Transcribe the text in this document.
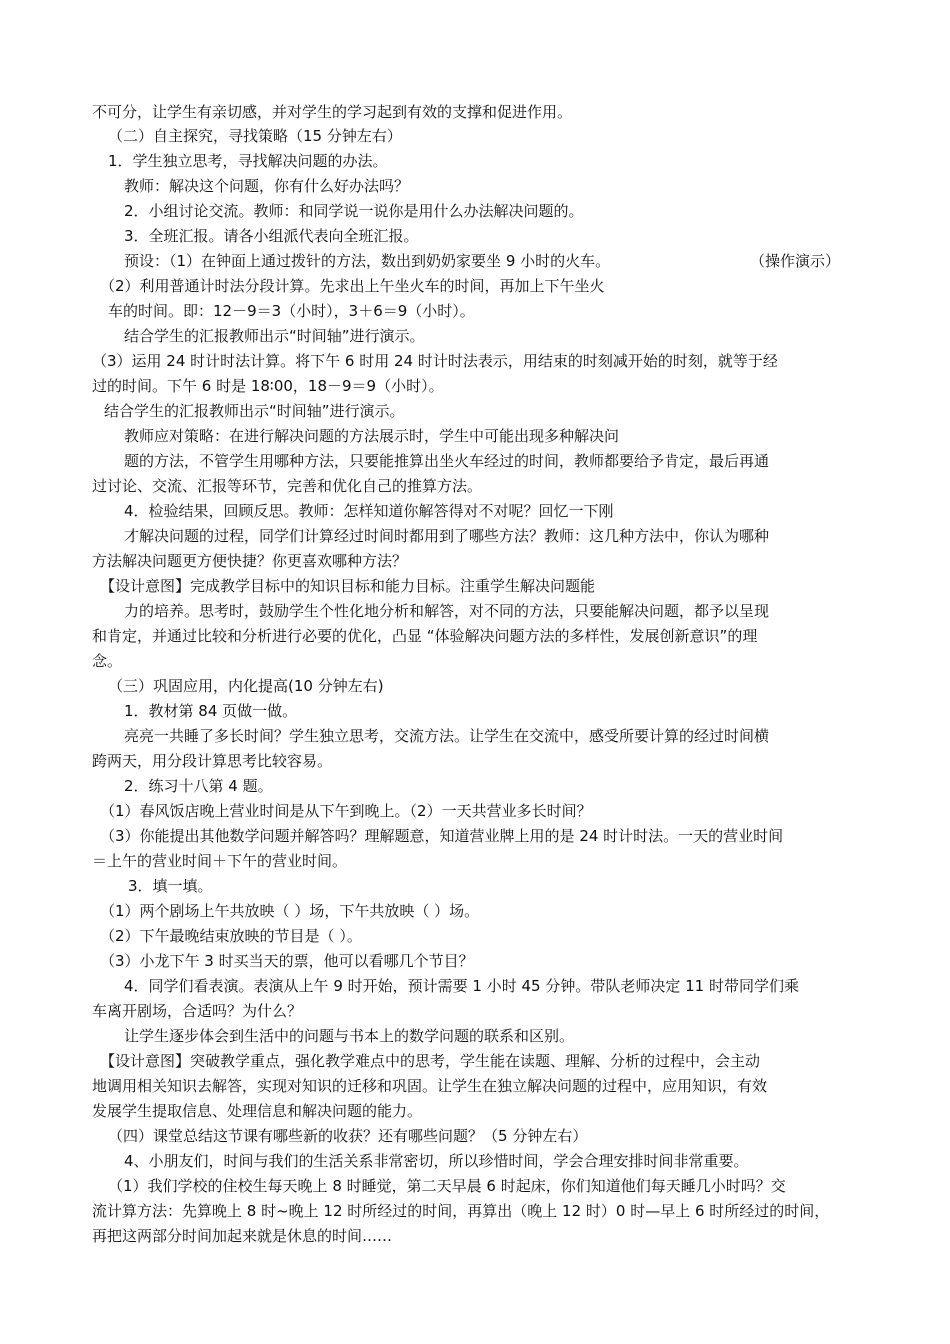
不可分，让学生有亲切感，并对学生的学习起到有效的支撑和促进作用。
（二）自主探究，寻找策略（15 分钟左右）
1．学生独立思考，寻找解决问题的办法。
教师：解决这个问题，你有什么好办法吗？
2．小组讨论交流。教师：和同学说一说你是用什么办法解决问题的。
3．全班汇报。请各小组派代表向全班汇报。
预设：（1）在钟面上通过拨针的方法，数出到奶奶家要坐 9 小时的火车。	（操作演示）
（2）利用普通计时法分段计算。先求出上午坐火车的时间，再加上下午坐火
车的时间。即：12－9＝3（小时），3＋6＝9（小时）。
结合学生的汇报教师出示“时间轴”进行演示。
（3）运用 24 时计时法计算。将下午 6 时用 24 时计时法表示，用结束的时刻减开始的时刻，就等于经
过的时间。下午 6 时是 18∶00，18－9＝9（小时）。
结合学生的汇报教师出示“时间轴”进行演示。
教师应对策略：在进行解决问题的方法展示时，学生中可能出现多种解决问
题的方法，不管学生用哪种方法，只要能推算出坐火车经过的时间，教师都要给予肯定，最后再通
过讨论、交流、汇报等环节，完善和优化自己的推算方法。
4．检验结果，回顾反思。教师：怎样知道你解答得对不对呢？回忆一下刚
才解决问题的过程，同学们计算经过时间时都用到了哪些方法？教师：这几种方法中，你认为哪种
方法解决问题更方便快捷？你更喜欢哪种方法？
【设计意图】完成教学目标中的知识目标和能力目标。注重学生解决问题能
力的培养。思考时，鼓励学生个性化地分析和解答，对不同的方法，只要能解决问题，都予以呈现
和肯定，并通过比较和分析进行必要的优化，凸显 “体验解决问题方法的多样性，发展创新意识”的理
念。
（三）巩固应用，内化提高(10 分钟左右)
1．教材第 84 页做一做。
亮亮一共睡了多长时间？学生独立思考，交流方法。让学生在交流中，感受所要计算的经过时间横
跨两天，用分段计算思考比较容易。
2．练习十八第 4 题。
（1）春风饭店晚上营业时间是从下午到晚上。（2）一天共营业多长时间？
（3）你能提出其他数学问题并解答吗？理解题意，知道营业牌上用的是 24 时计时法。一天的营业时间
＝上午的营业时间＋下午的营业时间。
3．填一填。
（1）两个剧场上午共放映（ ）场，下午共放映（ ）场。
（2）下午最晚结束放映的节目是（ ）。
（3）小龙下午 3 时买当天的票，他可以看哪几个节目？
4．同学们看表演。表演从上午 9 时开始，预计需要 1 小时 45 分钟。带队老师决定 11 时带同学们乘
车离开剧场，合适吗？为什么？
让学生逐步体会到生活中的问题与书本上的数学问题的联系和区别。
【设计意图】突破教学重点，强化教学难点中的思考，学生能在读题、理解、分析的过程中，会主动
地调用相关知识去解答，实现对知识的迁移和巩固。让学生在独立解决问题的过程中，应用知识，有效
发展学生提取信息、处理信息和解决问题的能力。
（四）课堂总结这节课有哪些新的收获？还有哪些问题？（5 分钟左右）
4、小朋友们，时间与我们的生活关系非常密切，所以珍惜时间，学会合理安排时间非常重要。
（1）我们学校的住校生每天晚上 8 时睡觉，第二天早晨 6 时起床，你们知道他们每天睡几小时吗？交
流计算方法：先算晚上 8 时~晚上 12 时所经过的时间，再算出（晚上 12 时）0 时—早上 6 时所经过的时间，
再把这两部分时间加起来就是休息的时间……
